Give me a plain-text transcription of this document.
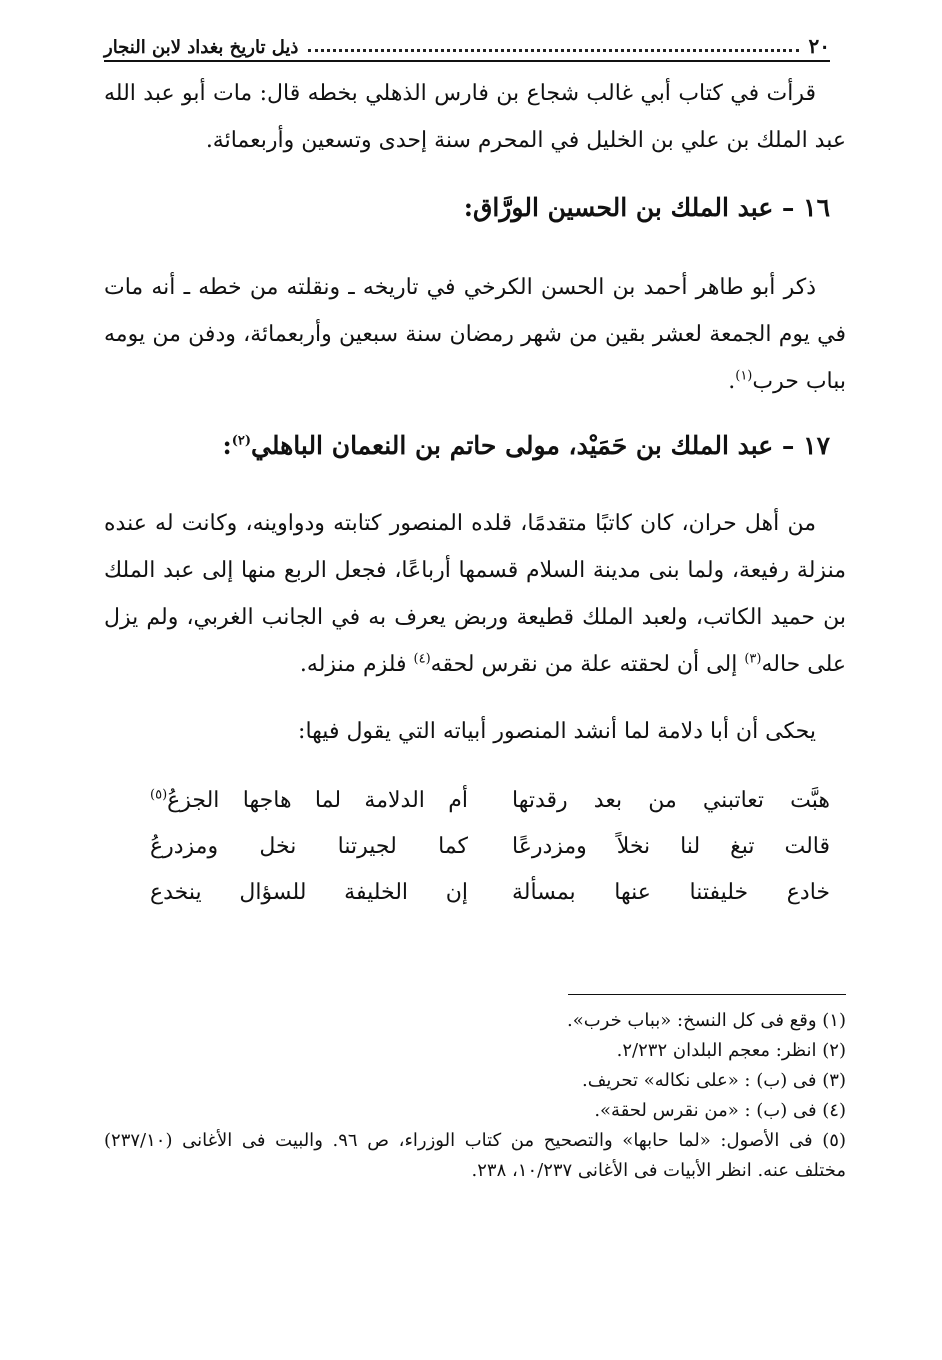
٢٠
ذيل تاريخ بغداد لابن النجار
قرأت في كتاب أبي غالب شجاع بن فارس الذهلي بخطه قال: مات أبو عبد الله عبد الملك بن علي بن الخليل في المحرم سنة إحدى وتسعين وأربعمائة.
١٦ – عبد الملك بن الحسين الورَّاق:
ذكر أبو طاهر أحمد بن الحسن الكرخي في تاريخه ـ ونقلته من خطه ـ أنه مات في يوم الجمعة لعشر بقين من شهر رمضان سنة سبعين وأربعمائة، ودفن من يومه بباب حرب$^{(١)}$.
١٧ – عبد الملك بن حَمَيْد، مولى حاتم بن النعمان الباهلي$^{(٢)}$:
من أهل حران، كان كاتبًا متقدمًا، قلده المنصور كتابته ودواوينه، وكانت له عنده منزلة رفيعة، ولما بنى مدينة السلام قسمها أرباعًا، فجعل الربع منها إلى عبد الملك بن حميد الكاتب، ولعبد الملك قطيعة وربض يعرف به في الجانب الغربي، ولم يزل على حاله$^{(٣)}$ إلى أن لحقته علة من نقرس لحقه$^{(٤)}$ فلزم منزله.
يحكى أن أبا دلامة لما أنشد المنصور أبياته التي يقول فيها:
هبَّت تعاتبني من بعد رقدتها
أم الدلامة لما هاجها الجزعُ$^{(٥)}$
قالت تبغ لنا نخلاً ومزدرعًا
كما لجيرتنا نخل ومزدرعُ
خادع خليفتنا عنها بمسألة
إن الخليفة للسؤال ينخدع
(١) وقع فى كل النسخ: «بباب خرب».
(٢) انظر: معجم البلدان ٢/٢٣٢.
(٣) فى (ب) : «على نكاله» تحريف.
(٤) فى (ب) : «من نقرس لحقة».
(٥) فى الأصول: «لما حابها» والتصحيح من كتاب الوزراء، ص ٩٦. والبيت فى الأغانى (٢٣٧/١٠) مختلف عنه. انظر الأبيات فى الأغانى ١٠/٢٣٧، ٢٣٨.
